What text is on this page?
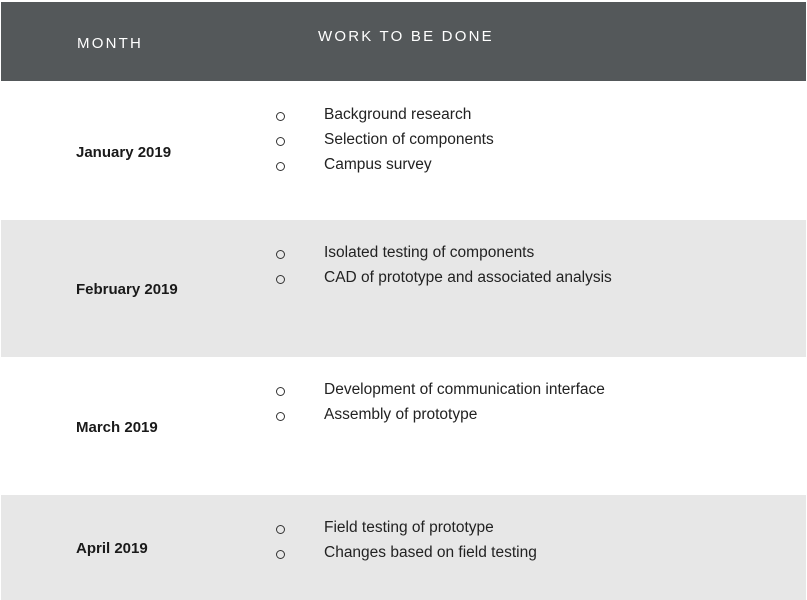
MONTH	WORK TO BE DONE
January 2019
Background research
Selection of components
Campus survey
February 2019
Isolated testing of components
CAD of prototype and associated analysis
March 2019
Development of communication interface
Assembly of prototype
April 2019
Field testing of prototype
Changes based on field testing
